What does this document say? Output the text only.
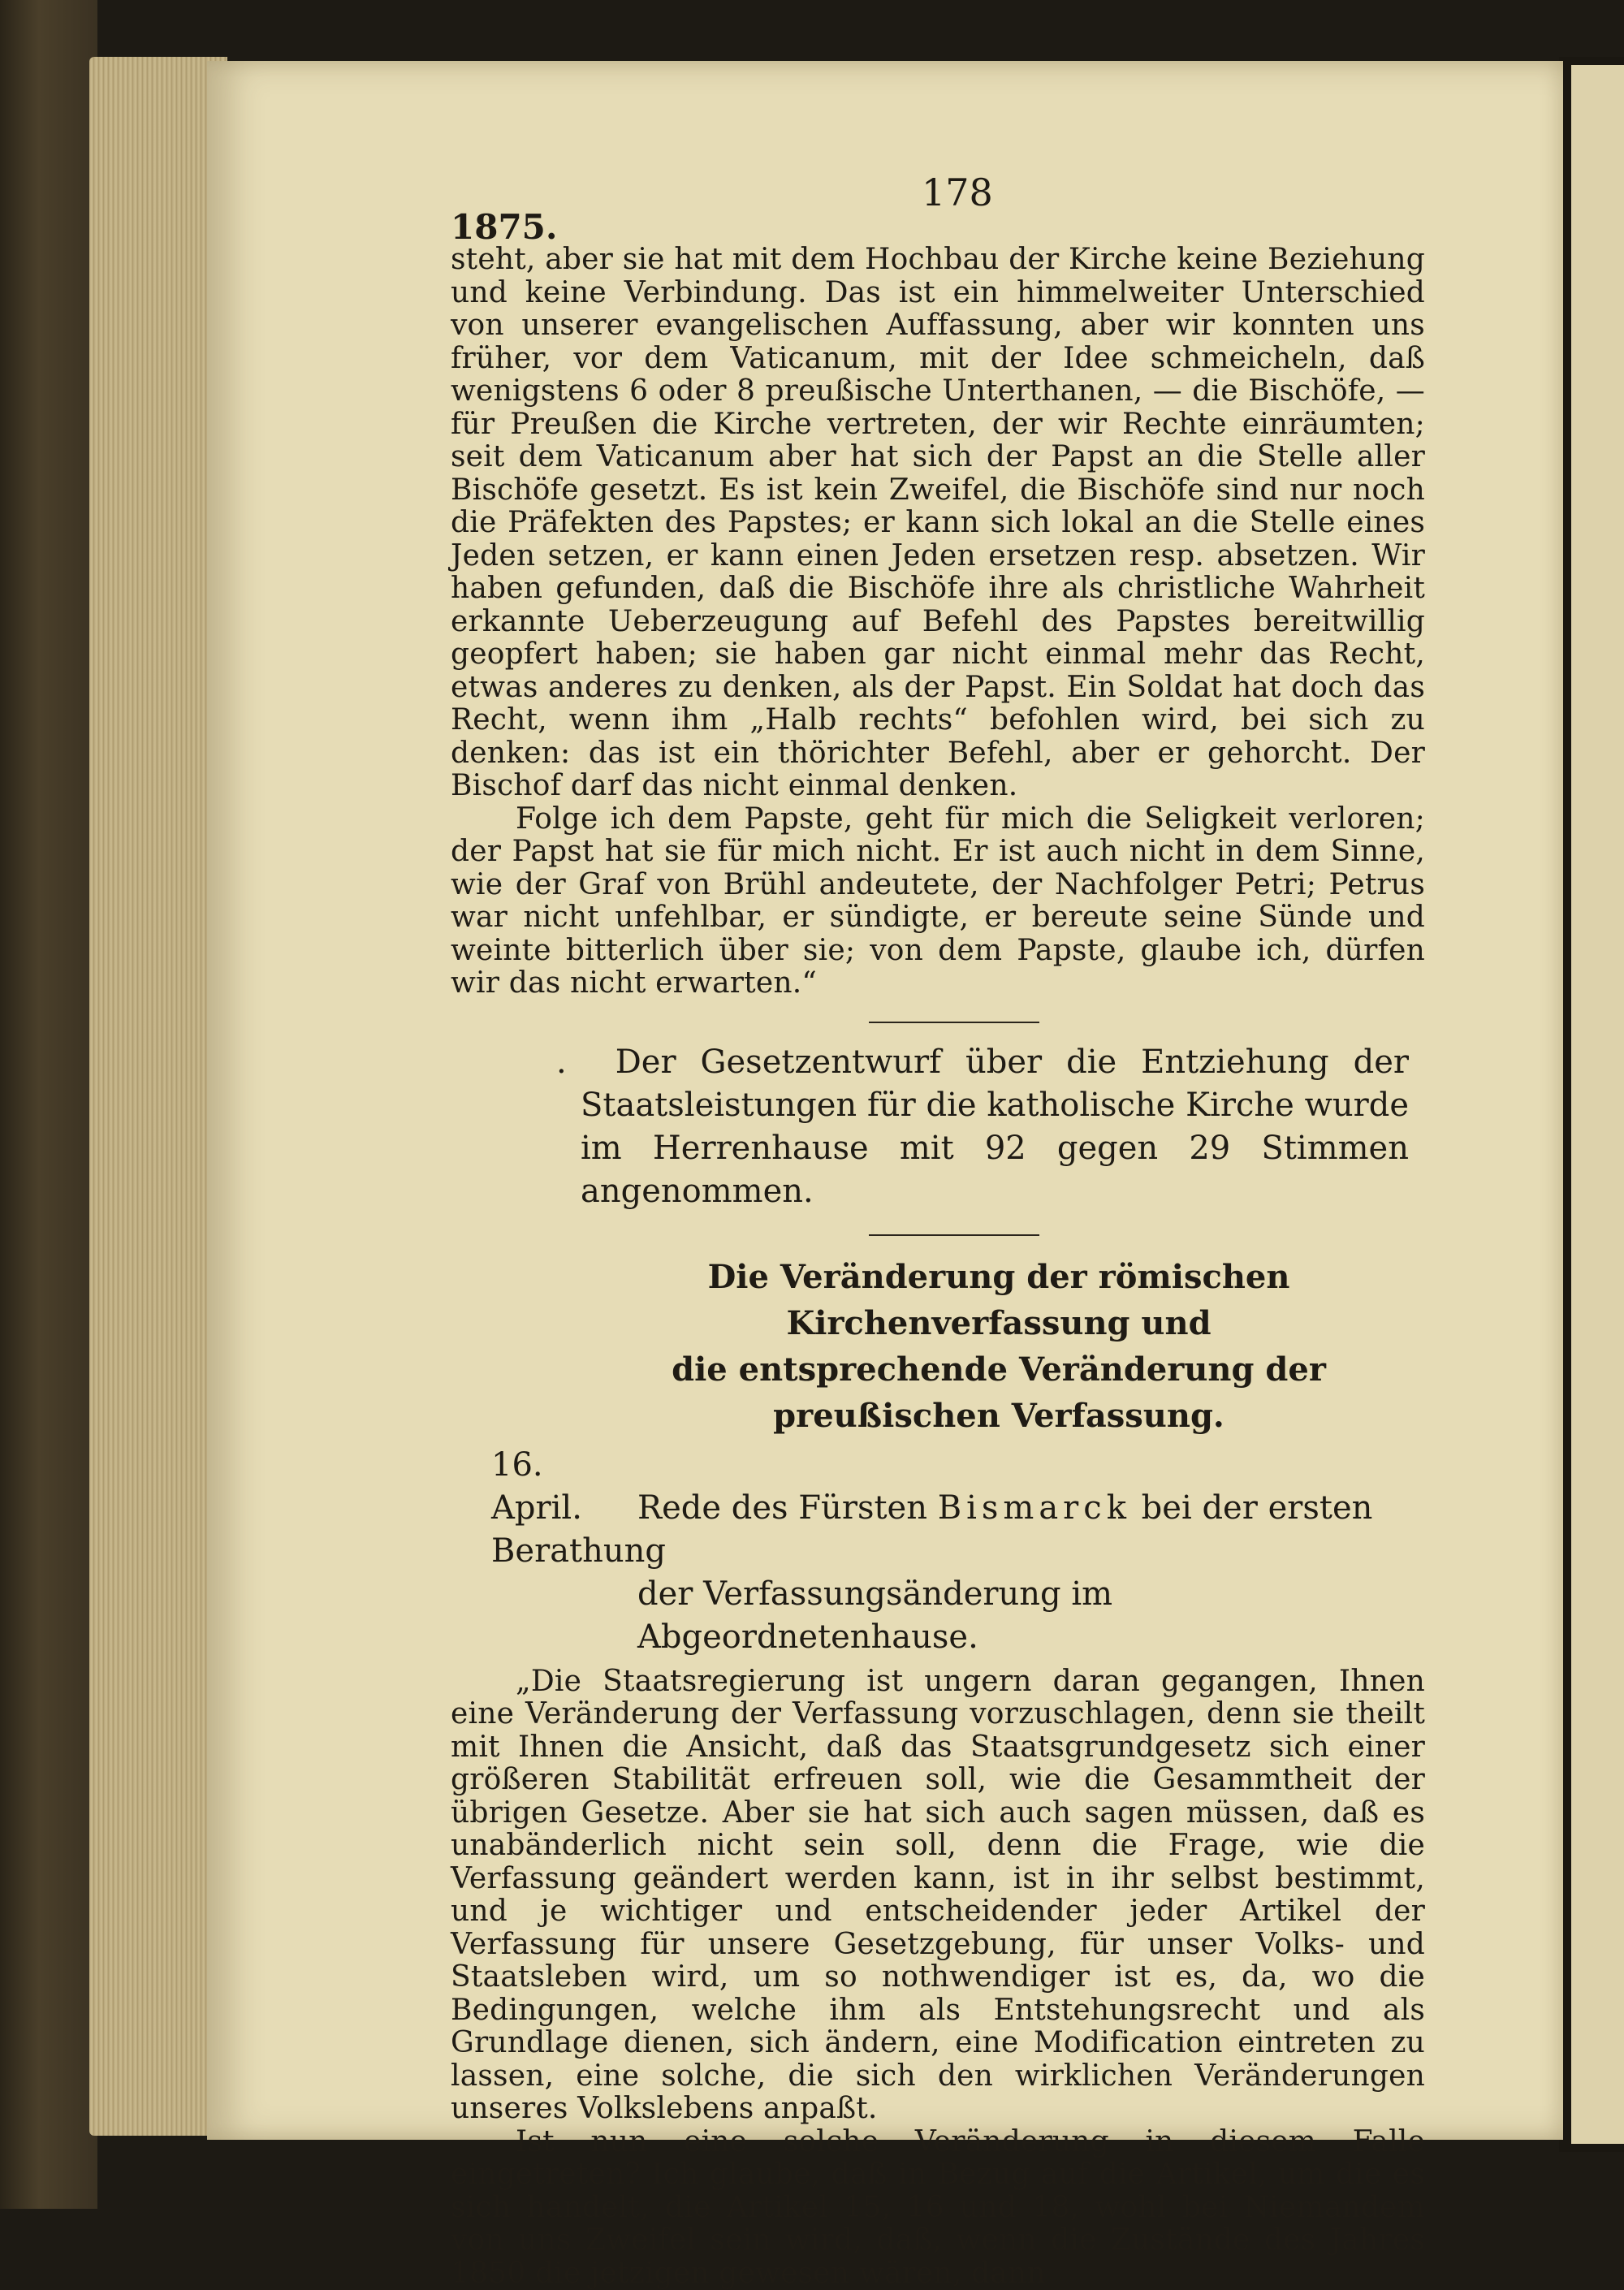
1875.
178

steht, aber sie hat mit dem Hochbau der Kirche keine Beziehung und keine Verbindung. Das ist ein himmelweiter Unterschied von unserer evangelischen Auffassung, aber wir konnten uns früher, vor dem Vaticanum, mit der Idee schmeicheln, daß wenigstens 6 oder 8 preußische Unterthanen, — die Bischöfe, — für Preußen die Kirche vertreten, der wir Rechte einräumten; seit dem Vaticanum aber hat sich der Papst an die Stelle aller Bischöfe gesetzt. Es ist kein Zweifel, die Bischöfe sind nur noch die Präfekten des Papstes; er kann sich lokal an die Stelle eines Jeden setzen, er kann einen Jeden ersetzen resp. absetzen. Wir haben gefunden, daß die Bischöfe ihre als christliche Wahrheit erkannte Ueberzeugung auf Befehl des Papstes bereitwillig geopfert haben; sie haben gar nicht einmal mehr das Recht, etwas anderes zu denken, als der Papst. Ein Soldat hat doch das Recht, wenn ihm „Halb rechts“ befohlen wird, bei sich zu denken: das ist ein thörichter Befehl, aber er gehorcht. Der Bischof darf das nicht einmal denken.

Folge ich dem Papste, geht für mich die Seligkeit verloren; der Papst hat sie für mich nicht. Er ist auch nicht in dem Sinne, wie der Graf von Brühl andeutete, der Nachfolger Petri; Petrus war nicht unfehlbar, er sündigte, er bereute seine Sünde und weinte bitterlich über sie; von dem Papste, glaube ich, dürfen wir das nicht erwarten.“

. Der Gesetzentwurf über die Entziehung der Staatsleistungen für die katholische Kirche wurde im Herrenhause mit 92 gegen 29 Stimmen angenommen.

Die Veränderung der römischen Kirchenverfassung und
die entsprechende Veränderung der preußischen Verfassung.
16. April. Rede des Fürsten Bismarck bei der ersten Berathung
der Verfassungsänderung im Abgeordnetenhause.

„Die Staatsregierung ist ungern daran gegangen, Ihnen eine Veränderung der Verfassung vorzuschlagen, denn sie theilt mit Ihnen die Ansicht, daß das Staatsgrundgesetz sich einer größeren Stabilität erfreuen soll, wie die Gesammtheit der übrigen Gesetze. Aber sie hat sich auch sagen müssen, daß es unabänderlich nicht sein soll, denn die Frage, wie die Verfassung geändert werden kann, ist in ihr selbst bestimmt, und je wichtiger und entscheidender jeder Artikel der Verfassung für unsere Gesetzgebung, für unser Volks- und Staatsleben wird, um so nothwendiger ist es, da, wo die Bedingungen, welche ihm als Entstehungsrecht und als Grundlage dienen, sich ändern, eine Modification eintreten zu lassen, eine solche, die sich den wirklichen Veränderungen unseres Volkslebens anpaßt.

Ist nun eine solche Veränderung in diesem Falle eingetreten? Ich glaube, daß in Bezug auf die Artikel, um die es sich handelt, die Artikel 15, 16 und 18, wohl bei Niemandem von uns Zweifel sein wird, daß, wenn die Zustände des Jahres 1850 die jetzigen gewesen wären, dann
